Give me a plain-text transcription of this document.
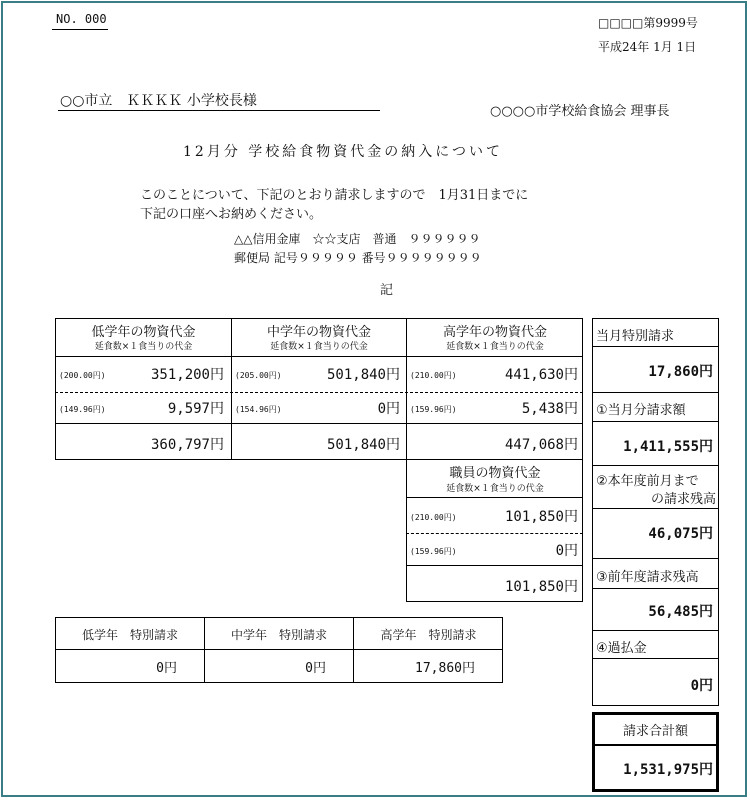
NO. 000	□□□□第9999号
平成24年 1月 1日
○○市立　ＫＫＫＫ 小学校長様
○○○○市学校給食協会 理事長
12月分 学校給食物資代金の納入について
このことについて、下記のとおり請求しますので　1月31日までに
下記の口座へお納めください。
△△信用金庫　☆☆支店　普通　９９９９９９
郵便局 記号９９９９９ 番号９９９９９９９９
記
低学年の物資代金
延食数×１食当りの代金
中学年の物資代金
延食数×１食当りの代金
高学年の物資代金
延食数×１食当りの代金
(200.00円)	351,200円 (205.00円)	501,840円 (210.00円)	441,630円
(149.96円)	9,597円 (154.96円)	0円 (159.96円)	5,438円
360,797円	501,840円	447,068円
職員の物資代金
延食数×１食当りの代金
(210.00円)	101,850円
(159.96円)	0円
101,850円
低学年　特別請求	中学年　特別請求	高学年　特別請求
0円	0円	17,860円
当月特別請求
17,860円
①当月分請求額
1,411,555円
②本年度前月まで
の請求残高
46,075円
③前年度請求残高
56,485円
④過払金
0円
請求合計額
1,531,975円
